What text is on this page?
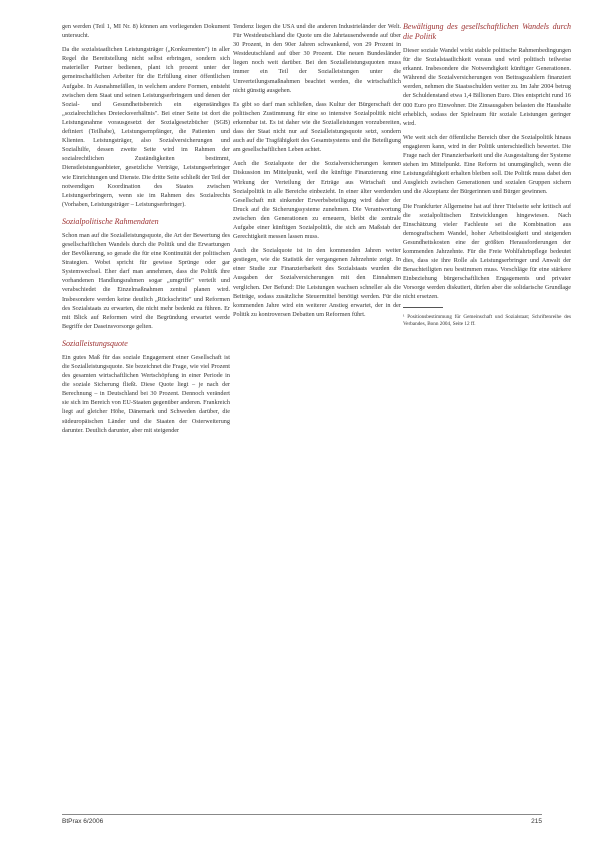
gen werden (Teil 1, MI Nr. 8) können am vorliegenden Dokument untersucht.

Da die sozialstaatlichen Leistungsträger („Konkurrenten") in aller Regel die Bereitstellung nicht selbst erbringen, sondern sich materieller Partner bedienen, plant ich prozent unter der gemeinschaftlichen Arbeiter für die Erfüllung einer öffentlichen Aufgabe. In Ausnahmefällen, in welchem andere Formen, entsteht zwischen dem Staat und seinen Leistungserbringern und denen der Sozial- und Gesundheitsbereich ein eigenständiges „sozialrechtliches Dreiecksverhältnis". Bei einer Seite ist dort die Leistungsnahme vorausgesetzt der Sozialgesetzbücher (SGB) definiert (Teilhabe), Leistungsempfänger, die Patienten und Klienten. Leistungsträger, also Sozialversicherungen und Sozialhilfe, dessen zweite Seite wird im Rahmen der sozialrechtlichen Zuständigkeiten bestimmt, Dienstleistungsanbieter, gesetzliche Verträge, Leistungserbringer wie Einrichtungen und Dienste. Die dritte Seite schließt der Teil der notwendigen Koordination des Staates zwischen Leistungserbringern, wenn sie im Rahmen des Sozialrechts (Vorhaben, Leistungsträger – Leistungserbringer).

Sozialpolitische Rahmendaten

Schon man auf die Sozialleistungsquote, die Art der Bewertung des gesellschaftlichen Wandels durch die Politik und die Erwartungen der Bevölkerung, so gerade die für eine Kontinuität der politischen Strategien. Wobei spricht für gewisse Sprünge oder gar Systemwechsel. Eher darf man annehmen, dass die Politik ihre vorhandenen Handlungsrahmen sogar „umgriffe" verteilt und verabschiedet die Einzelmaßnahmen zentral planen wird. Insbesondere werden keine deutlich „Rückschritte" und Reformen des Sozialstaats zu erwarten, die nicht mehr bedenkt zu führen. Er mit Blick auf Reformen wird die Begründung erwartet werde Begriffe der Daseinsvorsorge gelten.

Sozialleistungsquote

Ein gutes Maß für das soziale Engagement einer Gesellschaft ist die Sozialleistungsquote. Sie bezeichnet die Frage, wie viel Prozent des gesamten wirtschaftlichen Wertschöpfung in einer Periode in die soziale Sicherung fließt. Diese Quote liegt – je nach der Berechnung – in Deutschland bei 30 Prozent. Dennoch verändert sie sich im Bereich von EU-Staaten gegenüber anderen. Frankreich liegt auf gleicher Höhe, Dänemark und Schweden darüber, die südeuropäischen Länder und die Staaten der Osterweiterung darunter. Deutlich darunter, aber mit steigender

Tendenz liegen die USA und die anderen Industrieländer der Welt. Für Westdeutschland die Quote um die Jahrtausendwende auf über 30 Prozent, in den 90er Jahren schwankend, von 29 Prozent in Westdeutschland auf über 30 Prozent. Die neuen Bundesländer liegen noch weit darüber. Bei den Sozialleistungsquoten muss immer ein Teil der Sozialleistungen unter die Umverteilungsmaßnahmen beachtet werden, die wirtschaftlich nicht günstig ausgehen.

Es gibt so darf man schließen, dass Kultur der Bürgerschaft der politischen Zustimmung für eine so intensive Sozialpolitik nicht erkennbar ist. Es ist daher wie die Sozialleistungen vorzubereiten, dass der Staat nicht nur auf Sozialleistungsquote setzt, sondern auch auf die Tragfähigkeit des Gesamtsystems und die Beteiligung am gesellschaftlichen Leben achtet.

Auch die Sozialquote der die Sozialversicherungen kennen Diskussion im Mittelpunkt, weil die künftige Finanzierung eine Wirkung der Verteilung der Erträge aus Wirtschaft und Sozialpolitik in alle Bereiche einbezieht. In einer älter werdenden Gesellschaft mit sinkender Erwerbsbeteiligung wird daher der Druck auf die Sicherungssysteme zunehmen. Die Verantwortung zwischen den Generationen zu erneuern, bleibt die zentrale Aufgabe einer künftigen Sozialpolitik, die sich am Maßstab der Gerechtigkeit messen lassen muss.

Auch die Sozialquote ist in den kommenden Jahren weiter gestiegen, wie die Statistik der vergangenen Jahrzehnte zeigt. In einer Studie zur Finanzierbarkeit des Sozialstaats wurden die Ausgaben der Sozialversicherungen mit den Einnahmen verglichen. Der Befund: Die Leistungen wachsen schneller als die Beiträge, sodass zusätzliche Steuermittel benötigt werden. Für die kommenden Jahre wird ein weiterer Anstieg erwartet, der in der Politik zu kontroversen Debatten um Reformen führt.

Bewältigung des gesellschaftlichen Wandels durch die Politik

Dieser soziale Wandel wirkt stabile politische Rahmenbedingungen für die Sozialstaatlichkeit voraus und wird politisch teilweise erkannt. Insbesondere die Notwendigkeit künftiger Generationen. Während die Sozialversicherungen von Beitragszahlern finanziert werden, nehmen die Staatsschulden weiter zu. Im Jahr 2004 betrug der Schuldenstand etwa 1,4 Billionen Euro. Dies entspricht rund 16 000 Euro pro Einwohner. Die Zinsausgaben belasten die Haushalte erheblich, sodass der Spielraum für soziale Leistungen geringer wird.

Wie weit sich der öffentliche Bereich über die Sozialpolitik hinaus engagieren kann, wird in der Politik unterschiedlich bewertet. Die Frage nach der Finanzierbarkeit und die Ausgestaltung der Systeme stehen im Mittelpunkt. Eine Reform ist unumgänglich, wenn die Leistungsfähigkeit erhalten bleiben soll. Die Politik muss dabei den Ausgleich zwischen Generationen und sozialen Gruppen sichern und die Akzeptanz der Bürgerinnen und Bürger gewinnen.

Die Frankfurter Allgemeine hat auf ihrer Titelseite sehr kritisch auf die sozialpolitischen Entwicklungen hingewiesen. Nach Einschätzung vieler Fachleute sei die Kombination aus demografischem Wandel, hoher Arbeitslosigkeit und steigenden Gesundheitskosten eine der größten Herausforderungen der kommenden Jahrzehnte. Für die Freie Wohlfahrtspflege bedeutet dies, dass sie ihre Rolle als Leistungserbringer und Anwalt der Benachteiligten neu bestimmen muss. Vorschläge für eine stärkere Einbeziehung bürgerschaftlichen Engagements und privater Vorsorge werden diskutiert, dürfen aber die solidarische Grundlage nicht ersetzen.

¹ Positionsbestimmung für Gemeinschaft und Sozialstaat; Schriftenreihe des Verbandes, Bonn 2004, Seite 12 ff.
BtPrax 6/2006	215
